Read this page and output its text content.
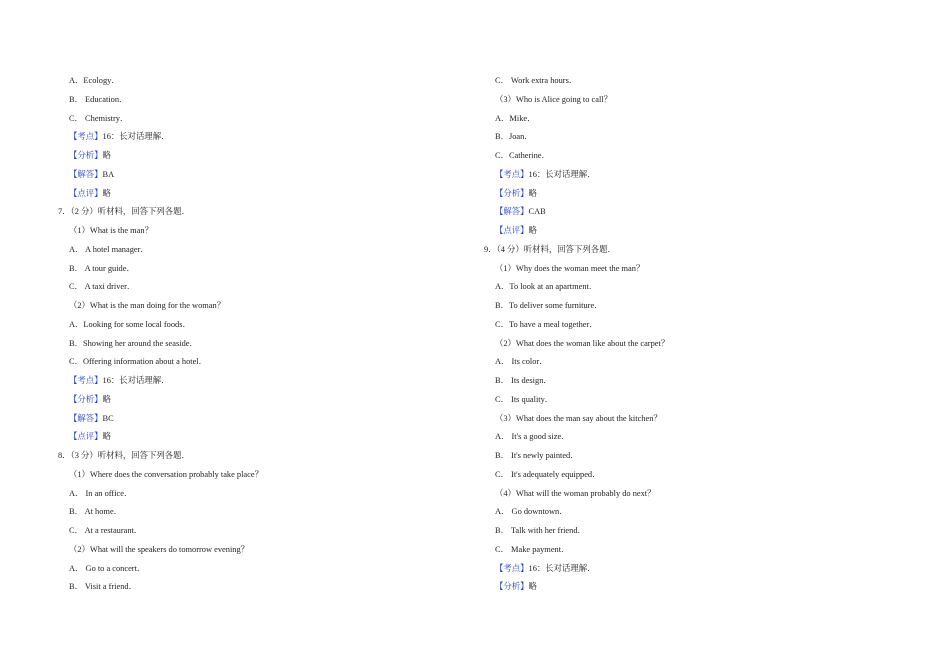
A．Ecology．
B． Education．
C． Chemistry．
【考点】16：长对话理解．
【分析】略
【解答】BA
【点评】略
7．（2 分）听材料，回答下列各题．
（1）What is the man？
A． A hotel manager．
B． A tour guide．
C． A taxi driver．
（2）What is the man doing for the woman？
A．Looking for some local foods．
B．Showing her around the seaside．
C．Offering information about a hotel．
【考点】16：长对话理解．
【分析】略
【解答】BC
【点评】略
8．（3 分）听材料，回答下列各题．
（1）Where does the conversation probably take place？
A． In an office．
B． At home．
C． At a restaurant．
（2）What will the speakers do tomorrow evening？
A． Go to a concert．
B． Visit a friend．
C． Work extra hours．
（3）Who is Alice going to call？
A．Mike．
B．Joan．
C．Catherine．
【考点】16：长对话理解．
【分析】略
【解答】CAB
【点评】略
9．（4 分）听材料，回答下列各题．
（1）Why does the woman meet the man？
A．To look at an apartment．
B．To deliver some furniture．
C．To have a meal together．
（2）What does the woman like about the carpet？
A． Its color．
B． Its design．
C． Its quality．
（3）What does the man say about the kitchen？
A． It's a good size．
B． It's newly painted．
C． It's adequately equipped．
（4）What will the woman probably do next？
A． Go downtown．
B． Talk with her friend．
C． Make payment．
【考点】16：长对话理解．
【分析】略
